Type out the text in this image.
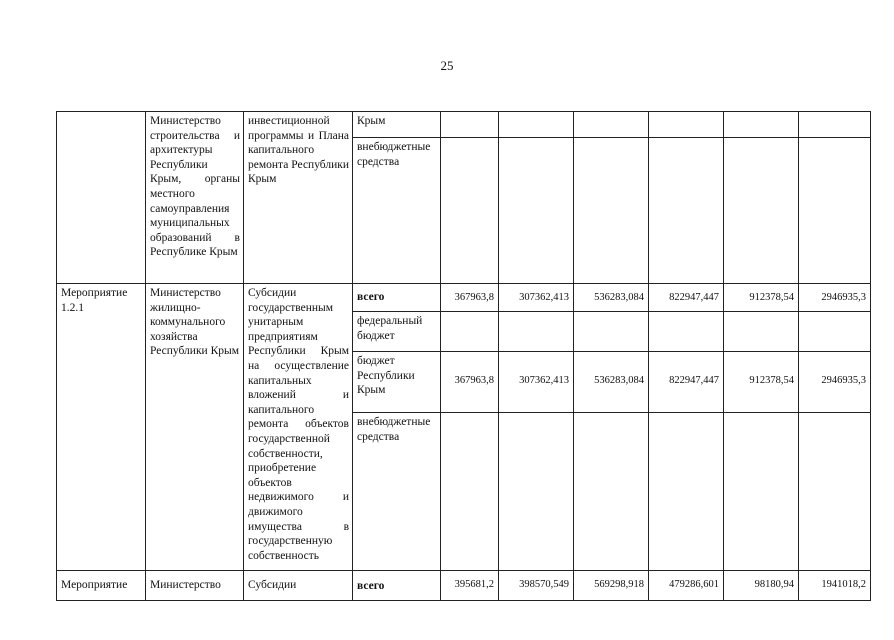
25
	Министерство строительства и архитектуры Республики Крым, органы местного самоуправления муниципальных образований в Республике Крым	инвестиционной программы и Плана капитального ремонта Республики Крым	Крым						
			внебюджетные средства						
Мероприятие 1.2.1	Министерство жилищно-коммунального хозяйства Республики Крым	Субсидии государственным унитарным предприятиям Республики Крым на осуществление капитальных вложений и капитального ремонта объектов государственной собственности, приобретение объектов недвижимого и движимого имущества в государственную собственность	всего	367963,8	307362,413	536283,084	822947,447	912378,54	2946935,3
			федеральный бюджет						
			бюджет Республики Крым	367963,8	307362,413	536283,084	822947,447	912378,54	2946935,3
			внебюджетные средства						
Мероприятие	Министерство	Субсидии	всего	395681,2	398570,549	569298,918	479286,601	98180,94	1941018,2
